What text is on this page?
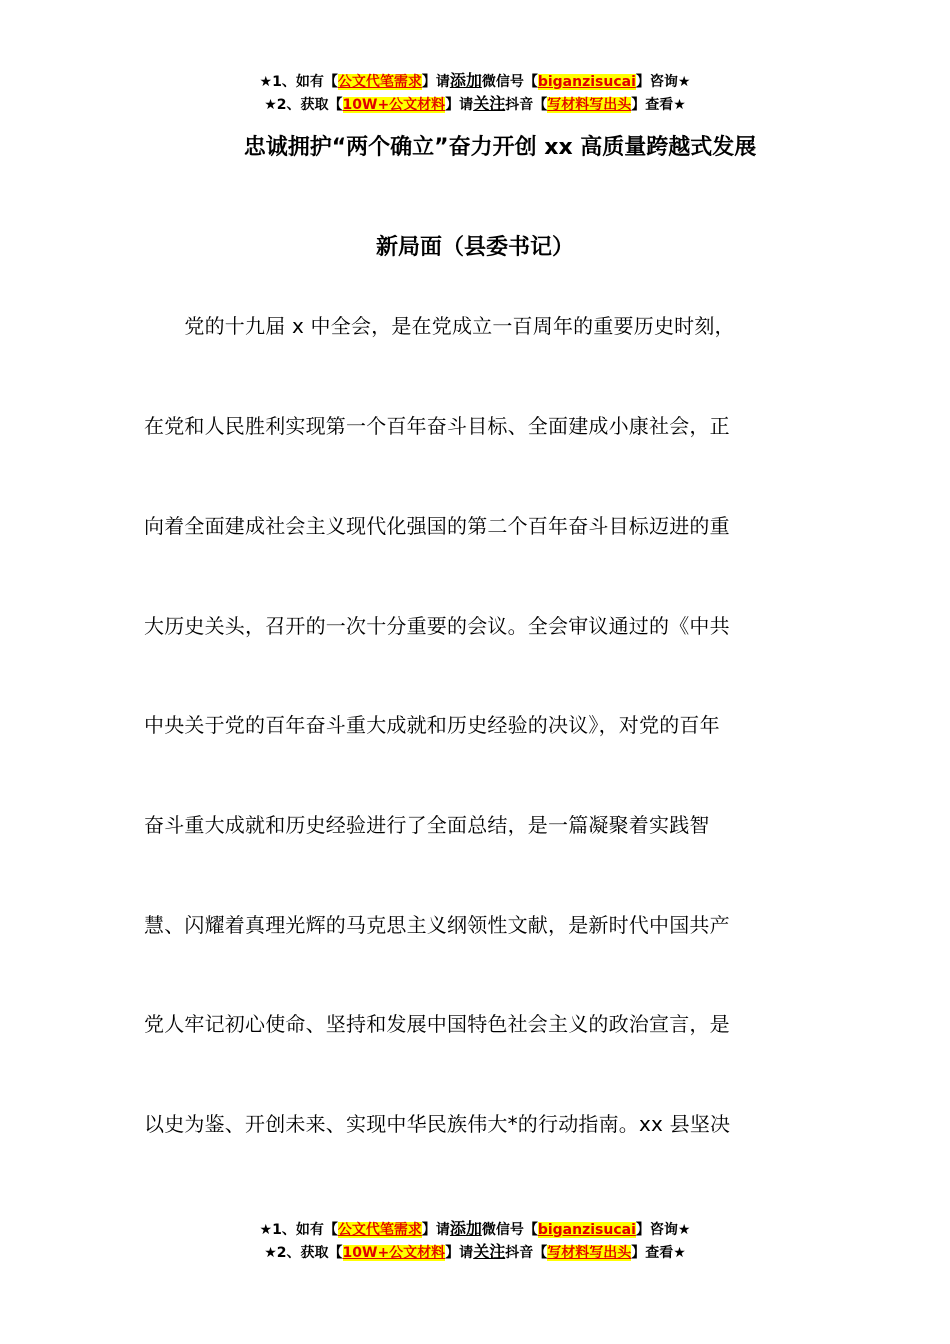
★1、如有【公文代笔需求】请添加微信号【biganzisucai】咨询★
★2、获取【10W+公文材料】请关注抖音【写材料写出头】查看★
忠诚拥护“两个确立”奋力开创 xx 高质量跨越式发展
新局面（县委书记）
　　党的十九届 x 中全会，是在党成立一百周年的重要历史时刻，
在党和人民胜利实现第一个百年奋斗目标、全面建成小康社会，正
向着全面建成社会主义现代化强国的第二个百年奋斗目标迈进的重
大历史关头，召开的一次十分重要的会议。全会审议通过的《中共
中央关于党的百年奋斗重大成就和历史经验的决议》，对党的百年
奋斗重大成就和历史经验进行了全面总结，是一篇凝聚着实践智
慧、闪耀着真理光辉的马克思主义纲领性文献，是新时代中国共产
党人牢记初心使命、坚持和发展中国特色社会主义的政治宣言，是
以史为鉴、开创未来、实现中华民族伟大*的行动指南。xx 县坚决
★1、如有【公文代笔需求】请添加微信号【biganzisucai】咨询★
★2、获取【10W+公文材料】请关注抖音【写材料写出头】查看★
